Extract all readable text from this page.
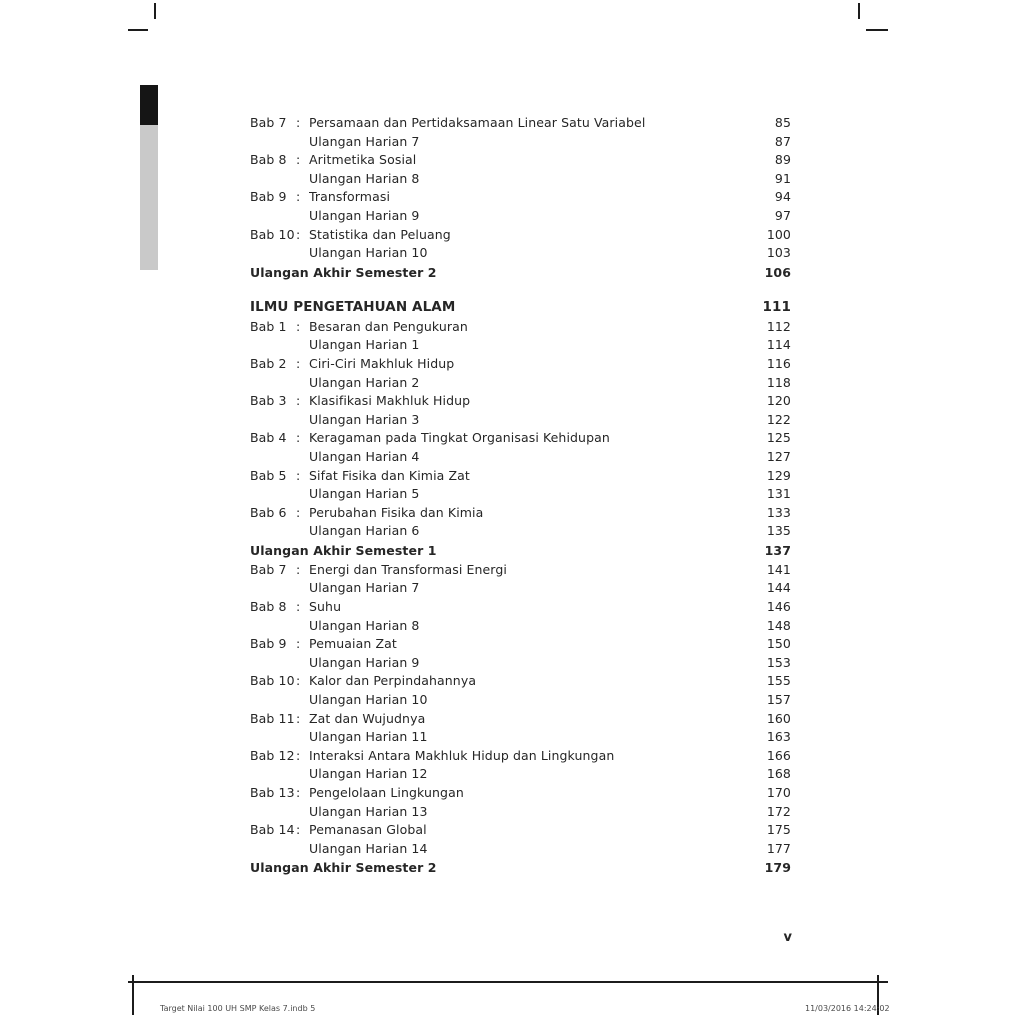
Bab 7 : Persamaan dan Pertidaksamaan Linear Satu Variabel	85
Ulangan Harian 7	87
Bab 8 : Aritmetika Sosial	89
Ulangan Harian 8	91
Bab 9 : Transformasi	94
Ulangan Harian 9	97
Bab 10 : Statistika dan Peluang	100
Ulangan Harian 10	103
Ulangan Akhir Semester 2	106
ILMU PENGETAHUAN ALAM	111
Bab 1 : Besaran dan Pengukuran	112
Ulangan Harian 1	114
Bab 2 : Ciri-Ciri Makhluk Hidup	116
Ulangan Harian 2	118
Bab 3 : Klasifikasi Makhluk Hidup	120
Ulangan Harian 3	122
Bab 4 : Keragaman pada Tingkat Organisasi Kehidupan	125
Ulangan Harian 4	127
Bab 5 : Sifat Fisika dan Kimia Zat	129
Ulangan Harian 5	131
Bab 6 : Perubahan Fisika dan Kimia	133
Ulangan Harian 6	135
Ulangan Akhir Semester 1	137
Bab 7 : Energi dan Transformasi Energi	141
Ulangan Harian 7	144
Bab 8 : Suhu	146
Ulangan Harian 8	148
Bab 9 : Pemuaian Zat	150
Ulangan Harian 9	153
Bab 10 : Kalor dan Perpindahannya	155
Ulangan Harian 10	157
Bab 11 : Zat dan Wujudnya	160
Ulangan Harian 11	163
Bab 12 : Interaksi Antara Makhluk Hidup dan Lingkungan	166
Ulangan Harian 12	168
Bab 13 : Pengelolaan Lingkungan	170
Ulangan Harian 13	172
Bab 14 : Pemanasan Global	175
Ulangan Harian 14	177
Ulangan Akhir Semester 2	179
v
Target Nilai 100 UH SMP Kelas 7.indb 5	11/03/2016 14:24:02
